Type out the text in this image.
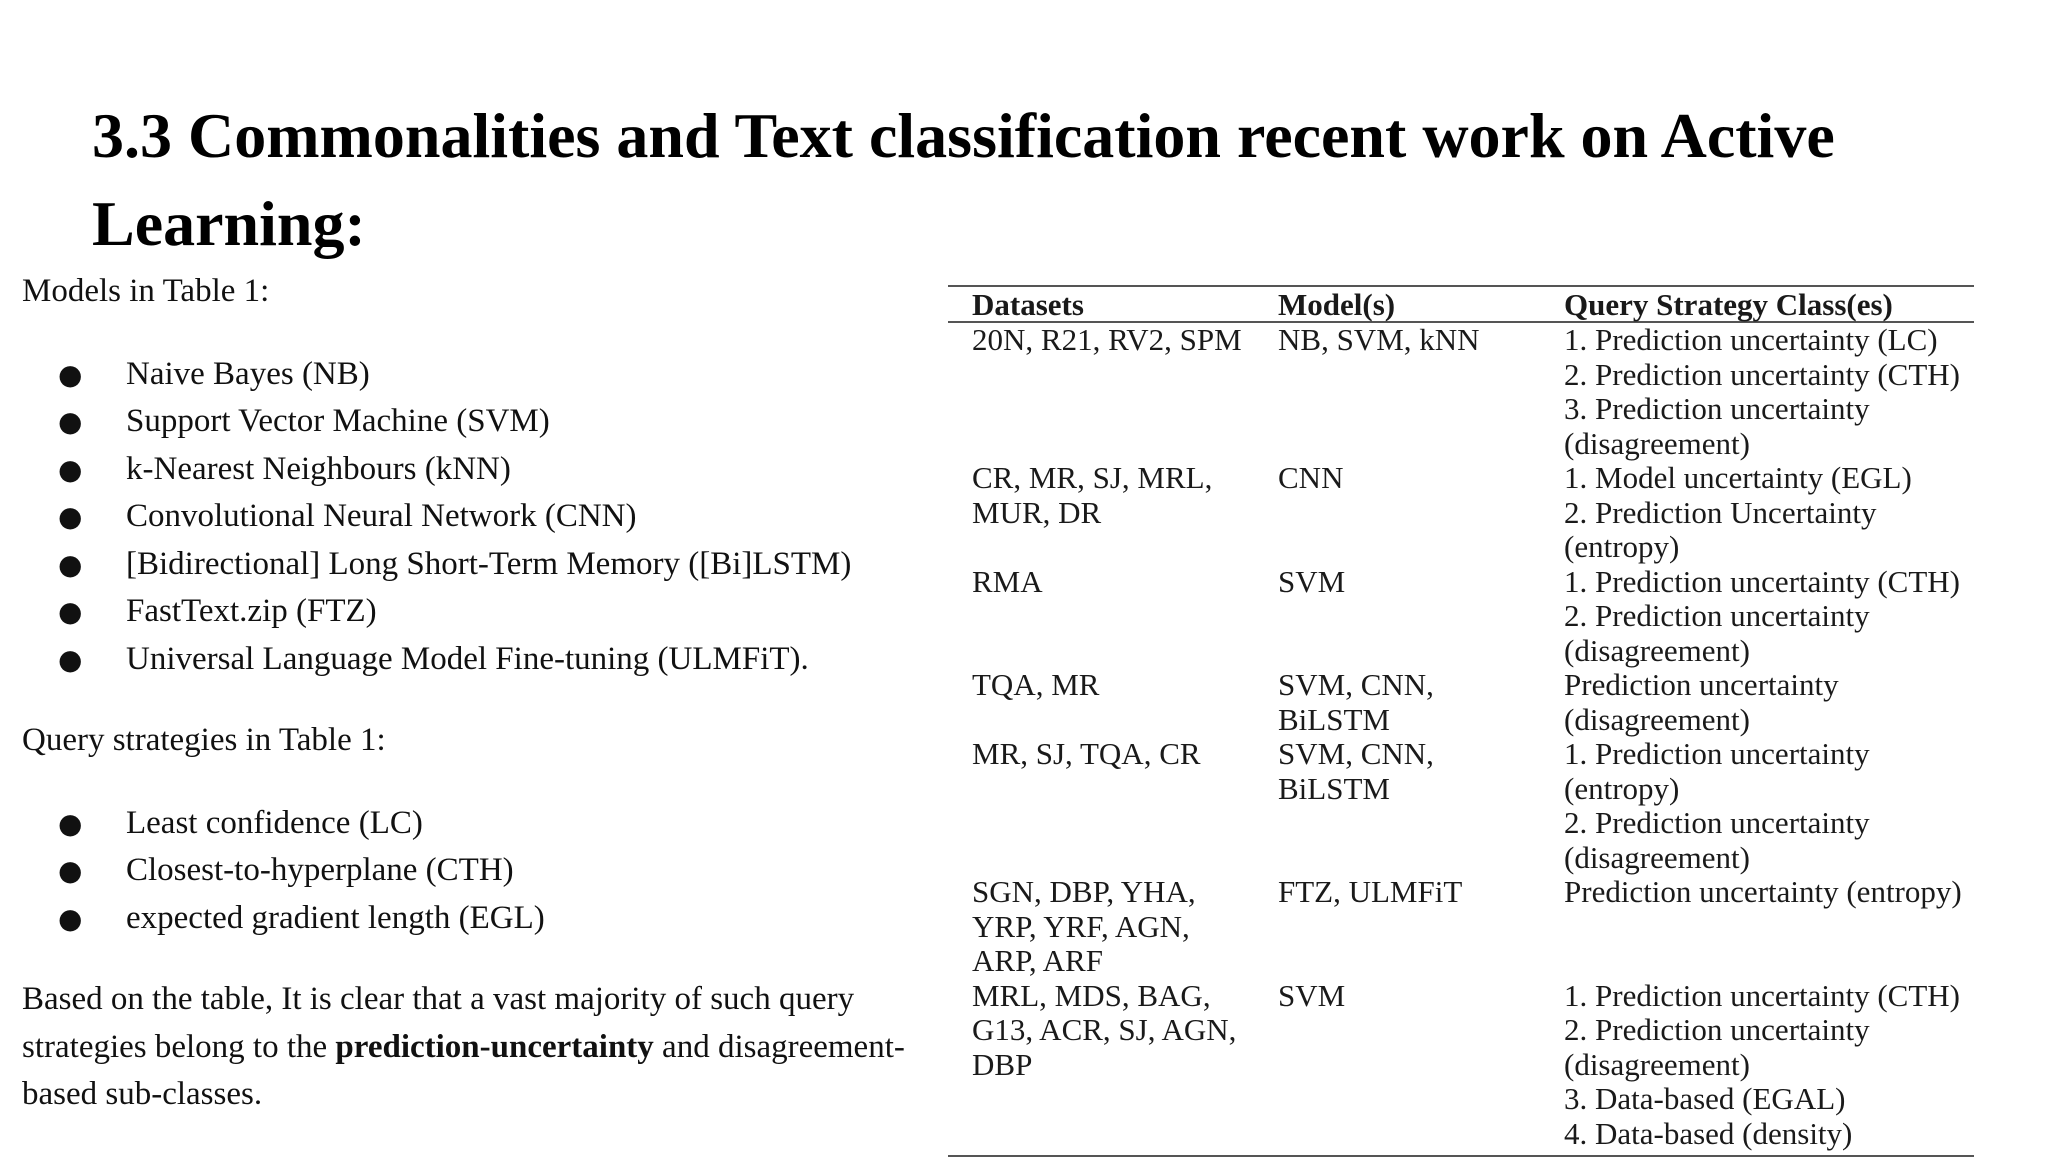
3.3 Commonalities and Text classification recent work on Active Learning:

Models in Table 1:

● Naive Bayes (NB)
● Support Vector Machine (SVM)
● k-Nearest Neighbours (kNN)
● Convolutional Neural Network (CNN)
● [Bidirectional] Long Short-Term Memory ([Bi]LSTM)
● FastText.zip (FTZ)
● Universal Language Model Fine-tuning (ULMFiT).

Query strategies in Table 1:

● Least confidence (LC)
● Closest-to-hyperplane (CTH)
● expected gradient length (EGL)

Based on the table, It is clear that a vast majority of such query strategies belong to the prediction-uncertainty and disagreement- based sub-classes.

Datasets	Model(s)	Query Strategy Class(es)

20N, R21, RV2, SPM	NB, SVM, kNN	1. Prediction uncertainty (LC)
2. Prediction uncertainty (CTH)
3. Prediction uncertainty
(disagreement)

CR, MR, SJ, MRL,
MUR, DR	CNN	1. Model uncertainty (EGL)
2. Prediction Uncertainty
(entropy)

RMA	SVM	1. Prediction uncertainty (CTH)
2. Prediction uncertainty
(disagreement)

TQA, MR	SVM, CNN,
BiLSTM	Prediction uncertainty
(disagreement)

MR, SJ, TQA, CR	SVM, CNN,
BiLSTM	1. Prediction uncertainty
(entropy)
2. Prediction uncertainty
(disagreement)

SGN, DBP, YHA,
YRP, YRF, AGN,
ARP, ARF	FTZ, ULMFiT	Prediction uncertainty (entropy)

MRL, MDS, BAG,
G13, ACR, SJ, AGN,
DBP	SVM	1. Prediction uncertainty (CTH)
2. Prediction uncertainty
(disagreement)
3. Data-based (EGAL)
4. Data-based (density)
